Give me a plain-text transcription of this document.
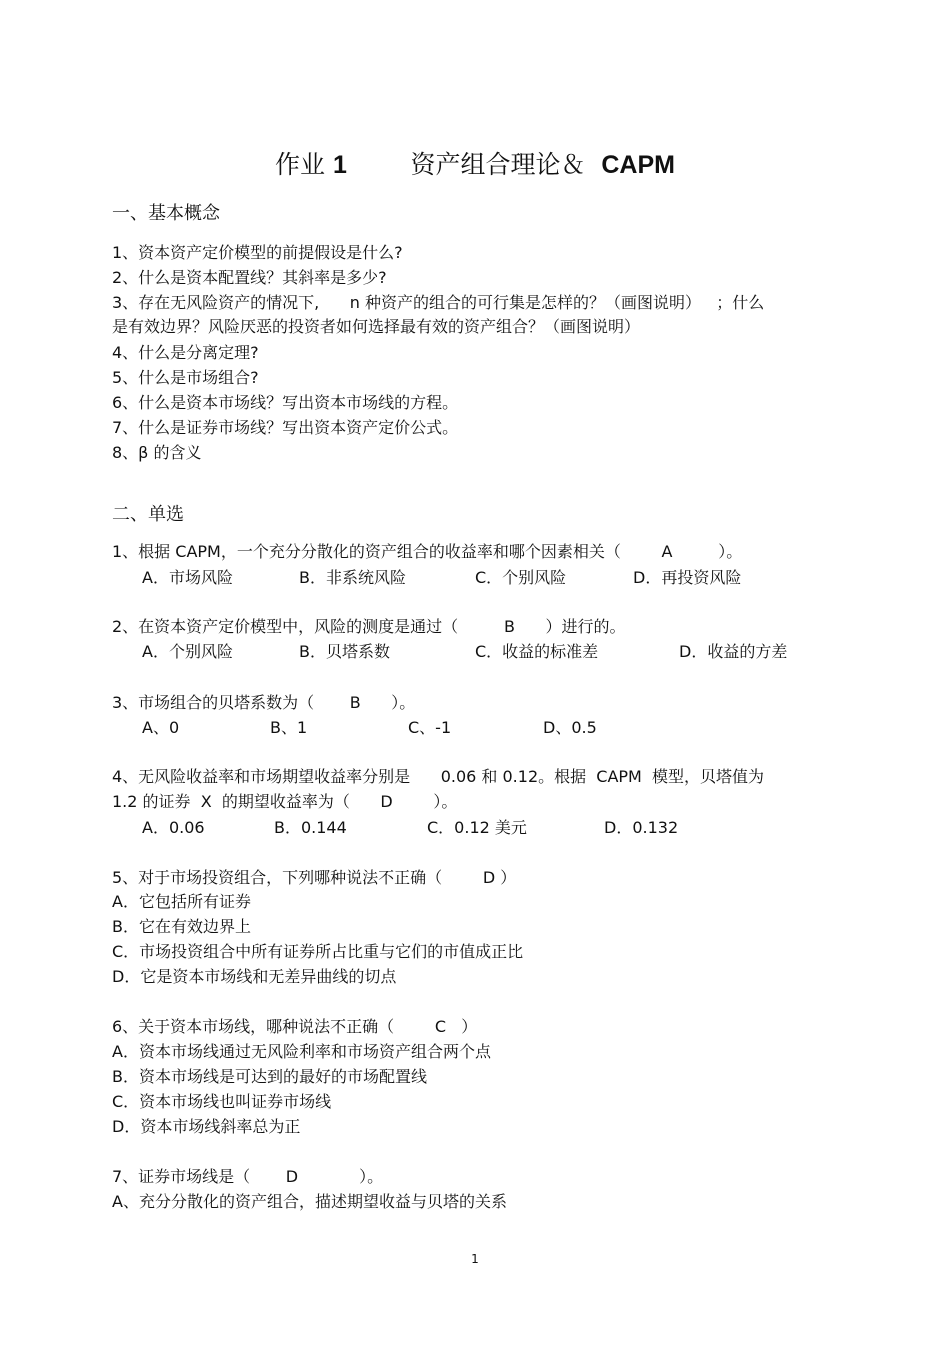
作业 1        资产组合理论＆  CAPM
一、基本概念
1、资本资产定价模型的前提假设是什么?
2、什么是资本配置线？其斜率是多少?
3、存在无风险资产的情况下,      n 种资产的组合的可行集是怎样的？（画图说明）   ；什么
是有效边界？风险厌恶的投资者如何选择最有效的资产组合？（画图说明）
4、什么是分离定理?
5、什么是市场组合?
6、什么是资本市场线？写出资本市场线的方程。
7、什么是证券市场线？写出资本资产定价公式。
8、β 的含义
二、单选
1、根据 CAPM，一个充分分散化的资产组合的收益率和哪个因素相关（        A         ）。
A．市场风险	B．非系统风险	C．个别风险	D．再投资风险
2、在资本资产定价模型中，风险的测度是通过（         B      ）进行的。
A．个别风险	B．贝塔系数	C．收益的标准差	D．收益的方差
3、市场组合的贝塔系数为（       B      ）。
A、0	B、1	C、-1	D、0.5
4、无风险收益率和市场期望收益率分别是      0.06 和 0.12。根据  CAPM  模型，贝塔值为
1.2 的证券  X  的期望收益率为（      D        ）。
A．0.06	B．0.144	C．0.12 美元	D．0.132
5、对于市场投资组合，下列哪种说法不正确（        D ）
A．它包括所有证券
B．它在有效边界上
C．市场投资组合中所有证券所占比重与它们的市值成正比
D．它是资本市场线和无差异曲线的切点
6、关于资本市场线，哪种说法不正确（        C   ）
A．资本市场线通过无风险利率和市场资产组合两个点
B．资本市场线是可达到的最好的市场配置线
C．资本市场线也叫证券市场线
D．资本市场线斜率总为正
7、证券市场线是（       D            ）。
A、充分分散化的资产组合，描述期望收益与贝塔的关系
1
